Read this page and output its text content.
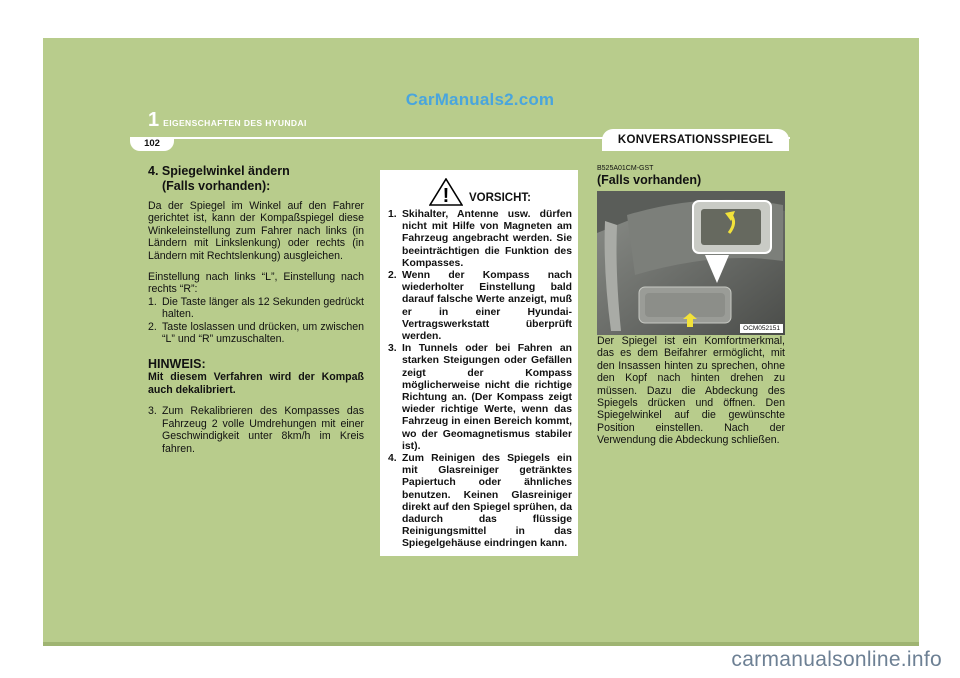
CarManuals2.com
1 EIGENSCHAFTEN DES HYUNDAI
102	KONVERSATIONSSPIEGEL
4. Spiegelwinkel ändern
(Falls vorhanden):

Da der Spiegel im Winkel auf den Fahrer gerichtet ist, kann der Kompaßspiegel diese Winkeleinstellung zum Fahrer nach links (in Ländern mit Linkslenkung) oder rechts (in Ländern mit Rechtslenkung) ausgleichen.

Einstellung nach links “L”, Einstellung nach rechts “R”:

1. Die Taste länger als 12 Sekunden gedrückt halten.
2. Taste loslassen und drücken, um zwischen “L” und “R” umzuschalten.
HINWEIS:

Mit diesem Verfahren wird der Kompaß auch dekalibriert.

3. Zum Rekalibrieren des Kompasses das Fahrzeug 2 volle Umdrehungen mit einer Geschwindigkeit unter 8km/h im Kreis fahren.
! VORSICHT:
1. Skihalter, Antenne usw. dürfen nicht mit Hilfe von Magneten am Fahrzeug angebracht werden. Sie beeinträchtigen die Funktion des Kompasses.
2. Wenn der Kompass nach wiederholter Einstellung bald darauf falsche Werte anzeigt, muß er in einer Hyundai-Vertragswerkstatt überprüft werden.
3. In Tunnels oder bei Fahren an starken Steigungen oder Gefällen zeigt der Kompass möglicherweise nicht die richtige Richtung an. (Der Kompass zeigt wieder richtige Werte, wenn das Fahrzeug in einen Bereich kommt, wo der Geomagnetismus stabiler ist).
4. Zum Reinigen des Spiegels ein mit Glasreiniger getränktes Papiertuch oder ähnliches benutzen. Keinen Glasreiniger direkt auf den Spiegel sprühen, da dadurch das flüssige Reinigungsmittel in das Spiegelgehäuse eindringen kann.
B525A01CM-GST
(Falls vorhanden)
OCM052151

Der Spiegel ist ein Komfortmerkmal, das es dem Beifahrer ermöglicht, mit den Insassen hinten zu sprechen, ohne den Kopf nach hinten drehen zu müssen. Dazu die Abdeckung des Spiegels drücken und öffnen. Den Spiegelwinkel auf die gewünschte Position einstellen. Nach der Verwendung die Abdeckung schließen.

carmanualsonline.info
